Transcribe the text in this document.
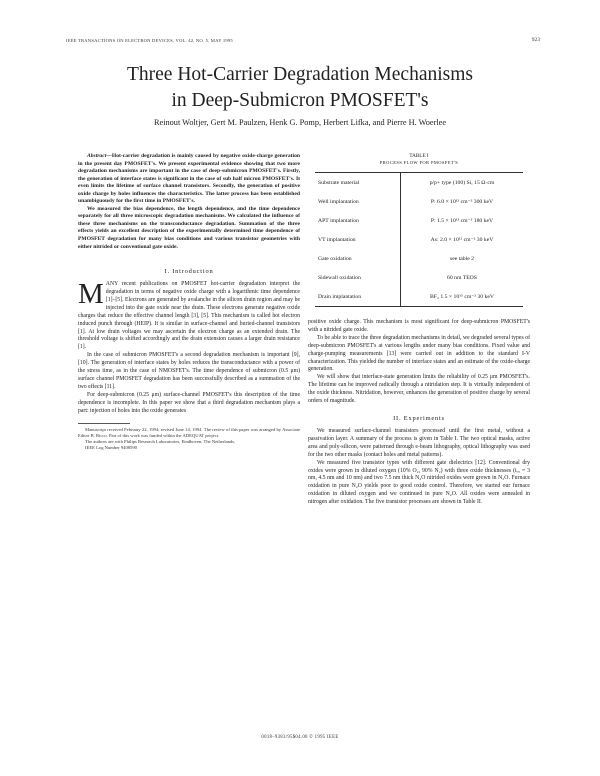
IEEE TRANSACTIONS ON ELECTRON DEVICES, VOL. 42, NO. 5, MAY 1995	923
Three Hot-Carrier Degradation Mechanisms
in Deep-Submicron PMOSFET's
Reinout Woltjer, Gert M. Paulzen, Henk G. Pomp, Herbert Lifka, and Pierre H. Woerlee

Abstract—Hot-carrier degradation is mainly caused by negative oxide-charge generation in the present day PMOSFET's. We present experimental evidence showing that two more degradation mechanisms are important in the case of deep-submicron PMOSFET's. Firstly, the generation of interface states is significant in the case of sub half micron PMOSFET's. It even limits the lifetime of surface channel transistors. Secondly, the generation of positive oxide charge by holes influences the characteristics. The latter process has been established unambiguously for the first time in PMOSFET's.

We measured the bias dependence, the length dependence, and the time dependence separately for all three microscopic degradation mechanisms. We calculated the influence of these three mechanisms on the transconductance degradation. Summation of the three effects yields an excellent description of the experimentally determined time dependence of PMOSFET degradation for many bias conditions and various transistor geometries with either nitrided or conventional gate oxide.

I. Introduction

MANY recent publications on PMOSFET hot-carrier degradation interpret the degradation in terms of negative oxide charge with a logarithmic time dependence [1]–[5]. Electrons are generated by avalanche in the silicon drain region and may be injected into the gate oxide near the drain. These electrons generate negative oxide charges that reduce the effective channel length [3], [5]. This mechanism is called hot electron induced punch through (HEIP). It is similar in surface-channel and buried-channel transistors [1]. At low drain voltages we may ascertain the electron charge as an extended drain. The threshold voltage is shifted accordingly and the drain extension causes a larger drain resistance [1].

In the case of submicron PMOSFET's a second degradation mechanism is important [9], [10]. The generation of interface states by holes reduces the transconductance with a power of the stress time, as in the case of NMOSFET's. The time dependence of submicron (0.5 μm) surface channel PMOSFET degradation has been successfully described as a summation of the two effects [11].

For deep-submicron (0.25 μm) surface-channel PMOSFET's this description of the time dependence is incomplete. In this paper we show that a third degradation mechanism plays a part: injection of holes into the oxide generates

Manuscript received February 22, 1994; revised June 14, 1994. The review of this paper was arranged by Associate Editor B. Ricco. Part of this work was funded within the ADEQUAT project.

The authors are with Philips Research Laboratories, Eindhoven, The Netherlands.

IEEE Log Number 9408590

TABLE I
PROCESS FLOW FOR PMOSFET'S

Substrate material	p/p+ type (100) Si, 15 Ω·cm
Well implantation	P: 6.0 × 10¹² cm⁻² 300 keV
APT implantation	P: 1.5 × 10¹² cm⁻² 180 keV
VT implantation	As: 2.0 × 10¹² cm⁻² 30 keV
Gate oxidation	see table 2
Sidewall oxidation	60 nm TEOS
Drain implantation	BF₂ 1.5 × 10¹⁵ cm⁻² 30 keV

positive oxide charge. This mechanism is most significant for deep-submicron PMOSFET's with a nitrided gate oxide.

To be able to trace the three degradation mechanisms in detail, we degraded several types of deep-submicron PMOSFET's at various lengths under many bias conditions. Fixed value and charge-pumping measurements [13] were carried out in addition to the standard I-V characterization. This yielded the number of interface states and an estimate of the oxide-charge generation.

We will show that interface-state generation limits the reliability of 0.25 μm PMOSFET's. The lifetime can be improved radically through a nitridation step. It is virtually independent of the oxide thickness. Nitridation, however, enhances the generation of positive charge by several orders of magnitude.

II. Experiments

We measured surface-channel transistors processed until the first metal, without a passivation layer. A summary of the process is given in Table I. The two optical masks, active area and poly-silicon, were patterned through e-beam lithography, optical lithography was used for the two other masks (contact holes and metal patterns).

We measured five transistor types with different gate dielectrics [12]. Conventional dry oxides were grown in diluted oxygen (10% O₂, 90% N₂) with three oxide thicknesses (tₒₓ = 3 nm, 4.5 nm and 10 nm) and two 7.5 nm thick N₂O nitrided oxides were grown in N₂O. Furnace oxidation in pure N₂O yields poor to good oxide control. Therefore, we started our furnace oxidation in diluted oxygen and we continued in pure N₂O. All oxides were annealed in nitrogen after oxidation. The five transistor processes are shown in Table II.

0018–9383/95$04.00 © 1995 IEEE
